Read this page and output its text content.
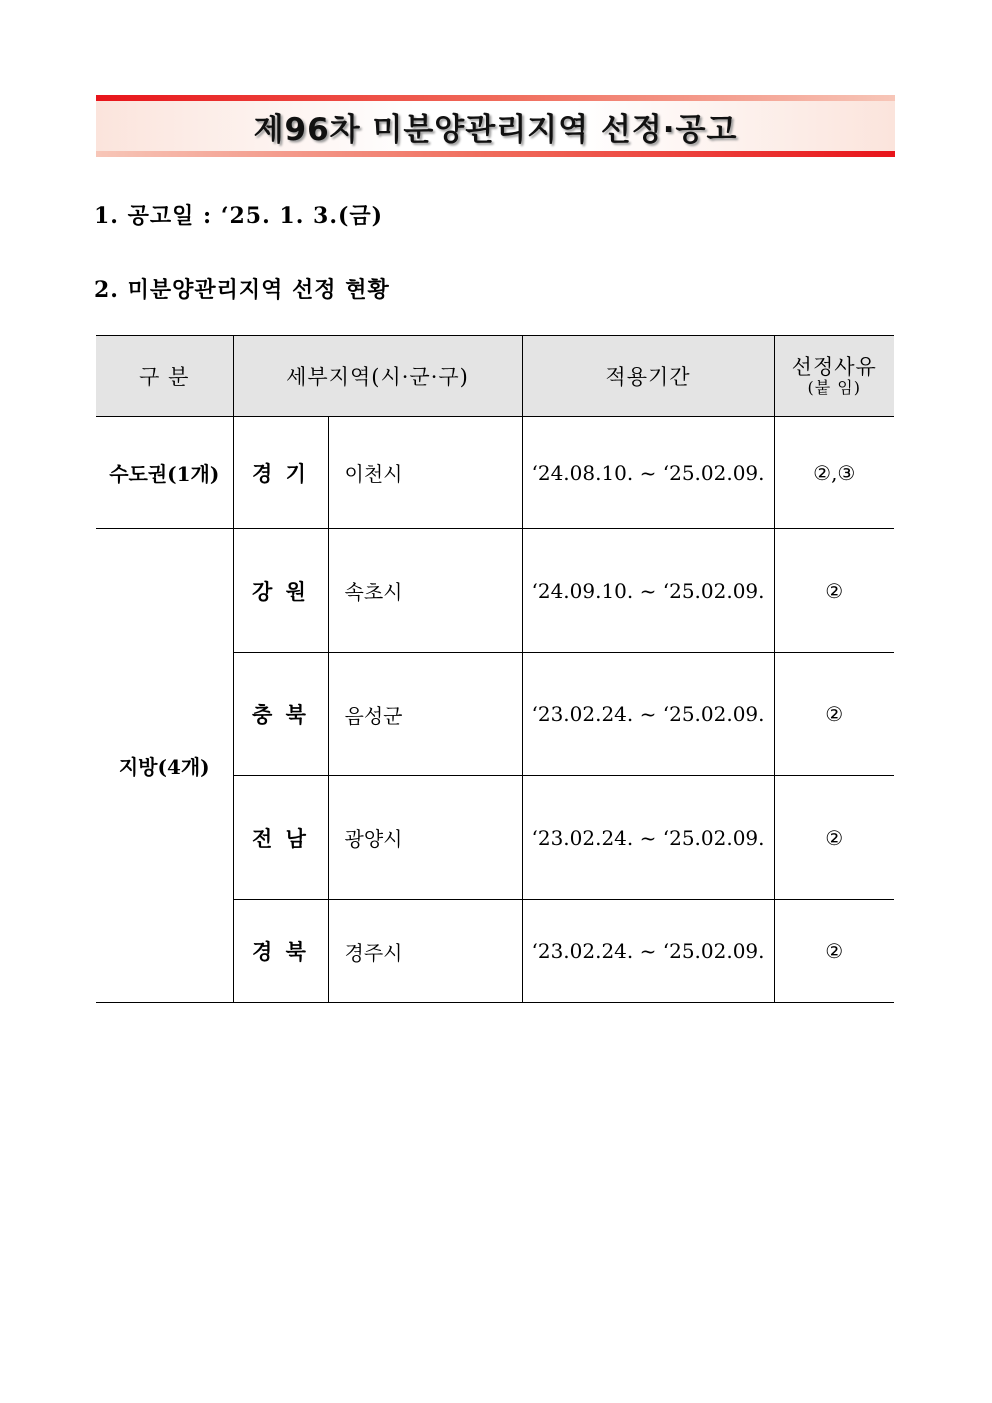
제96차 미분양관리지역 선정·공고
1. 공고일 : ‘25. 1. 3.(금)
2. 미분양관리지역 선정 현황
구 분	세부지역(시·군·구)		적용기간	선정사유
(붙 임)

수도권(1개)	경 기	이천시	‘24.08.10. ~ ‘25.02.09.	②,③
지방(4개)	강 원	속초시	‘24.09.10. ~ ‘25.02.09.	②
	충 북	음성군	‘23.02.24. ~ ‘25.02.09.	②
	전 남	광양시	‘23.02.24. ~ ‘25.02.09.	②
	경 북	경주시	‘23.02.24. ~ ‘25.02.09.	②
